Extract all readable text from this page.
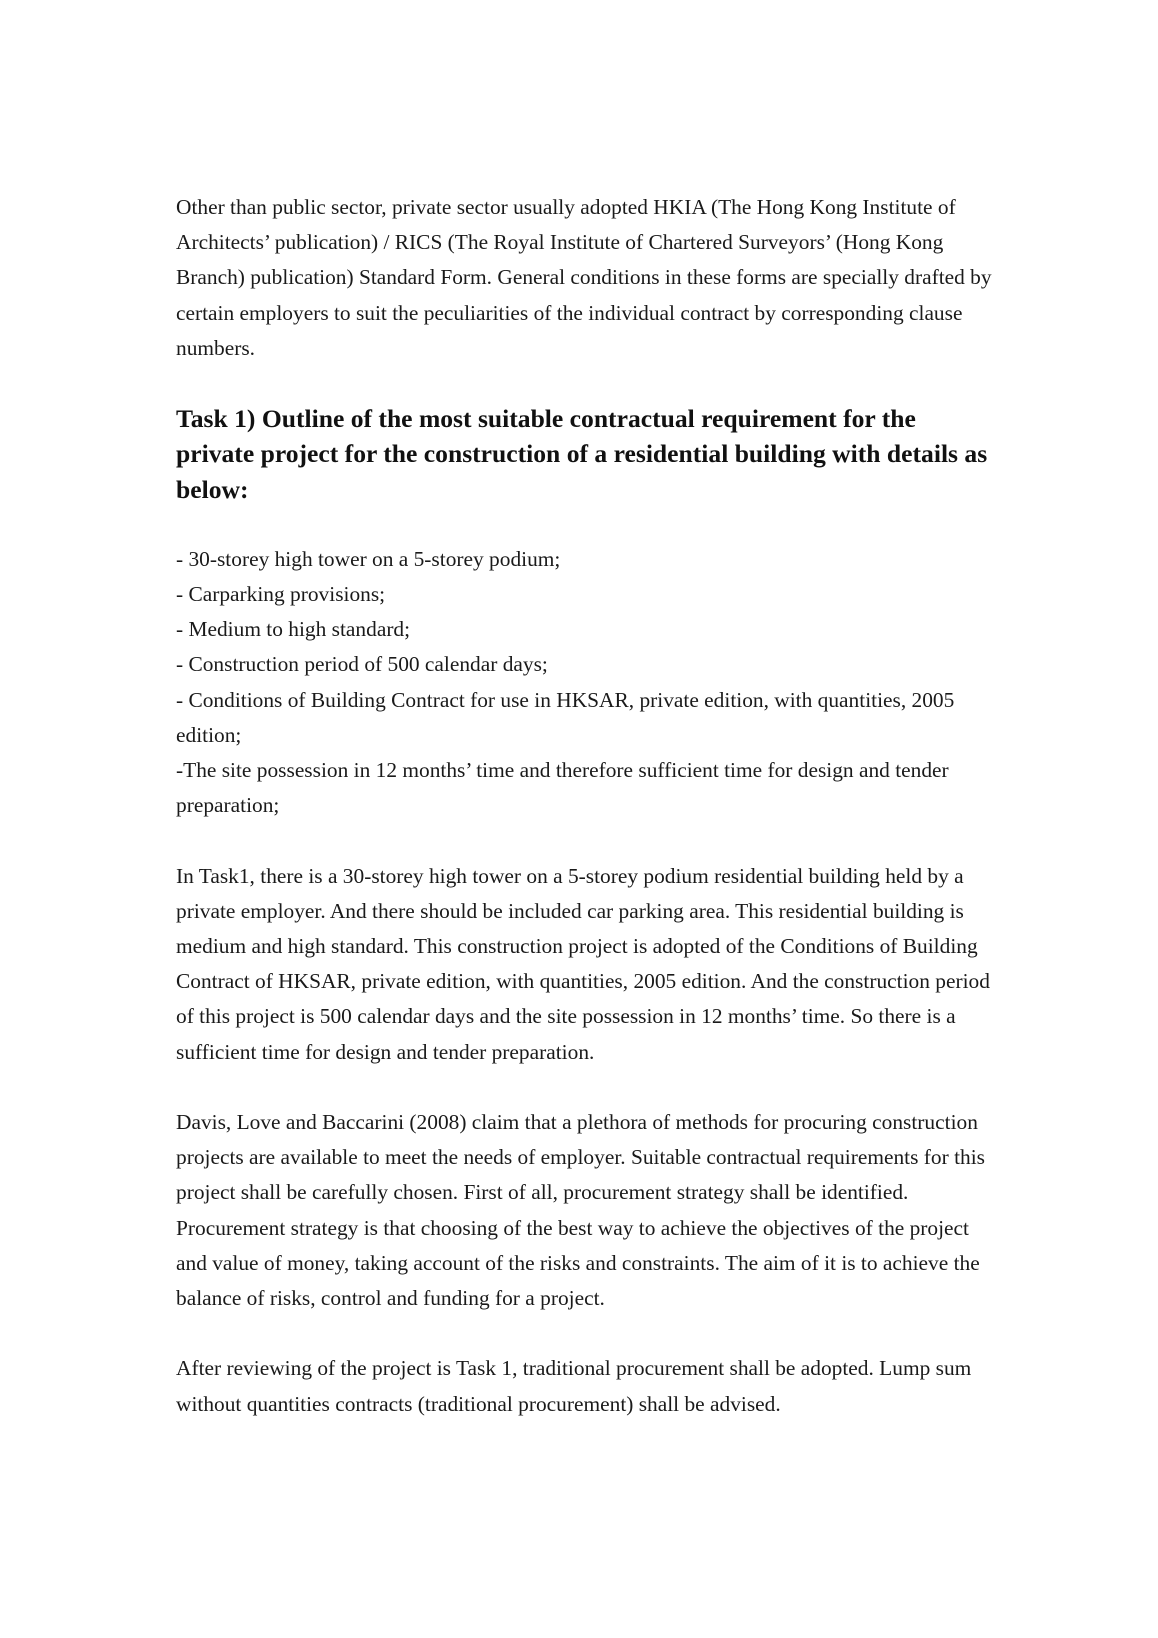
Other than public sector, private sector usually adopted HKIA (The Hong Kong Institute of Architects’ publication) / RICS (The Royal Institute of Chartered Surveyors’ (Hong Kong Branch) publication) Standard Form. General conditions in these forms are specially drafted by certain employers to suit the peculiarities of the individual contract by corresponding clause numbers.

Task 1) Outline of the most suitable contractual requirement for the private project for the construction of a residential building with details as below:
- 30-storey high tower on a 5-storey podium;
- Carparking provisions;
- Medium to high standard;
- Construction period of 500 calendar days;
- Conditions of Building Contract for use in HKSAR, private edition, with quantities, 2005 edition;
-The site possession in 12 months’ time and therefore sufficient time for design and tender preparation;

In Task1, there is a 30-storey high tower on a 5-storey podium residential building held by a private employer. And there should be included car parking area. This residential building is medium and high standard. This construction project is adopted of the Conditions of Building Contract of HKSAR, private edition, with quantities, 2005 edition. And the construction period of this project is 500 calendar days and the site possession in 12 months’ time. So there is a sufficient time for design and tender preparation.

Davis, Love and Baccarini (2008) claim that a plethora of methods for procuring construction projects are available to meet the needs of employer. Suitable contractual requirements for this project shall be carefully chosen. First of all, procurement strategy shall be identified. Procurement strategy is that choosing of the best way to achieve the objectives of the project and value of money, taking account of the risks and constraints. The aim of it is to achieve the balance of risks, control and funding for a project.

After reviewing of the project is Task 1, traditional procurement shall be adopted. Lump sum without quantities contracts (traditional procurement) shall be advised.
